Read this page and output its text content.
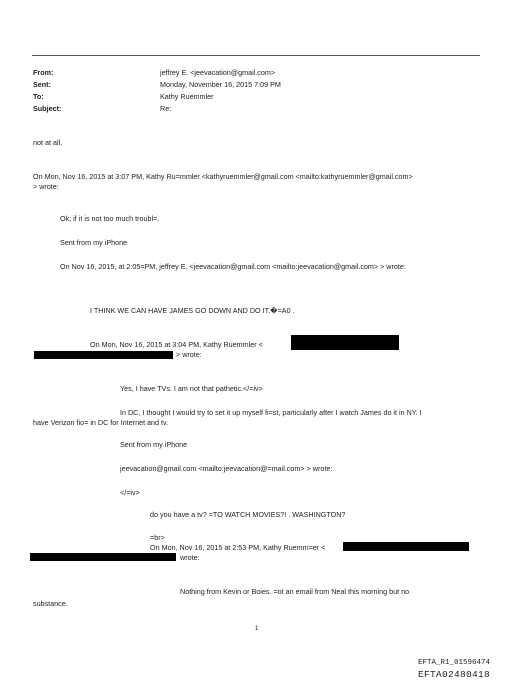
From:
Sent:
To:
Subject:
jeffrey E. <jeevacation@gmail.com>
Monday, November 16, 2015 7:09 PM
Kathy Ruemmler
Re:
not at all,
On Mon, Nov 16, 2015 at 3:07 PM, Kathy Ru=mmler <kathyruemmler@gmail.com <mailto:kathyruemmler@gmail.com>
> wrote:
Ok; if it is not too much troubl=.
Sent from my iPhone
On Nov 16, 2015, at 2:05=PM, jeffrey E. <jeevacation@gmail.com <mailto:jeevacation@gmail.com> > wrote:
I THINK WE CAN HAVE JAMES GO DOWN AND DO IT.�=A0 .
On Mon, Nov 16, 2015 at 3:04 PM, Kathy Ruemmler <
> wrote:
Yes, I have TVs. I am not that pathetic.</=iv>
In DC, I thought I would try to set it up myself fi=st, particularly after I watch James do it in NY. I
have Verizon fio= in DC for Internet and tv.
Sent from my iPhone
jeevacation@gmail.com <mailto:jeevacation@=mail.com> > wrote:
</=iv>
do you have a tv? =TO WATCH MOVIES?! . WASHINGTON?
=br>
On Mon, Nov 16, 2015 at 2:53 PM, Kathy Ruemm=er <
wrote:
Nothing from Kevin or Boies. =ot an email from Neal this morning but no
substance.
1
EFTA_R1_01596474
EFTA02480418
